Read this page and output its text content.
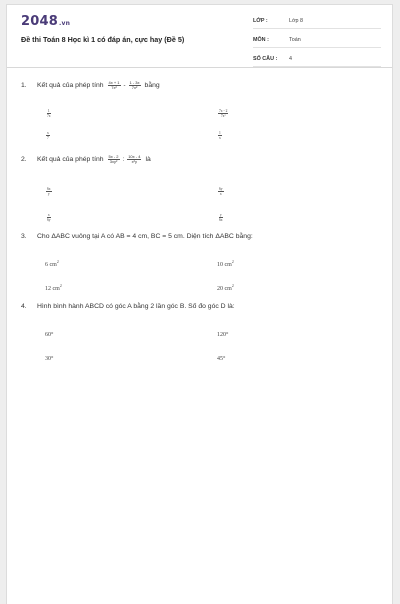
2048.vn
Đề thi Toán 8 Học kì 1 có đáp án, cực hay (Đề 5)
LỚP :	Lớp 8
MÔN :	Toán
SỐ CÂU :	4
1.	Kết quả của phép tính $\frac{4x + 1}{\text{7x²}} - \frac{1 - 3x}{\text{7x²}}$ bằng
$\frac{1}{7x}$	$\frac{7x - 2}{\text{7x²}}$
$\frac{x}{7}$	$\frac{1}{x}$
2.	Kết quả của phép tính $\frac{5x - 2}{\text{3xy²}}$ : $\frac{10x - 4}{\text{x²y}}$ là
$\frac{6x}{y}$	$\frac{6y}{x}$
$\frac{x}{6y}$	$\frac{y}{6x}$
3.	Cho ΔABC vuông tại A có AB = 4 cm, BC = 5 cm. Diện tích ΔABC bằng:
6 $cm^2$	10 $cm^2$
12 $cm^2$	20 $cm^2$
4.	Hình bình hành ABCD có góc A bằng 2 lần góc B. Số đo góc D là:
60°	120°
30°	45°
